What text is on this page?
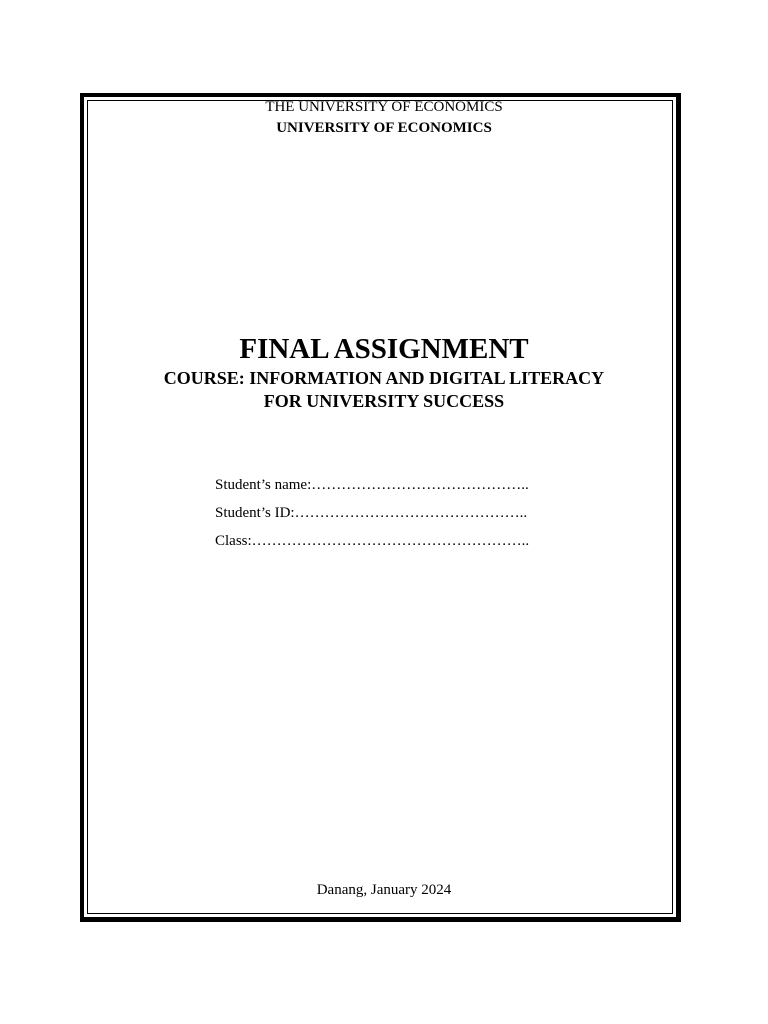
THE UNIVERSITY OF ECONOMICS
UNIVERSITY OF ECONOMICS
FINAL ASSIGNMENT
COURSE: INFORMATION AND DIGITAL LITERACY
FOR UNIVERSITY SUCCESS
Student’s name:……………………………………..
Student’s ID:………………………………………..
Class:………………………………………………..
Danang, January 2024
